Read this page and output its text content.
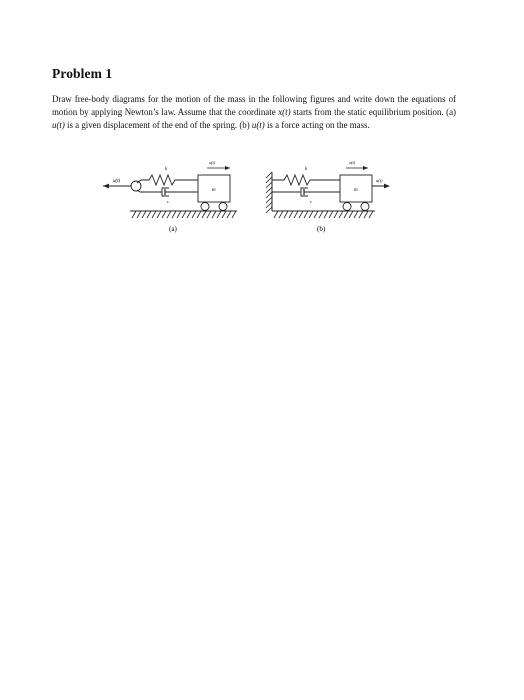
Problem 1
Draw free-body diagrams for the motion of the mass in the following figures and write down the equations of motion by applying Newton’s law. Assume that the coordinate x(t) starts from the static equilibrium position. (a) u(t) is a given displacement of the end of the spring. (b) u(t) is a force acting on the mass.
u(t)
k
c
m
x(t)
(a)
k
c
m
x(t)
u(t)
(b)
